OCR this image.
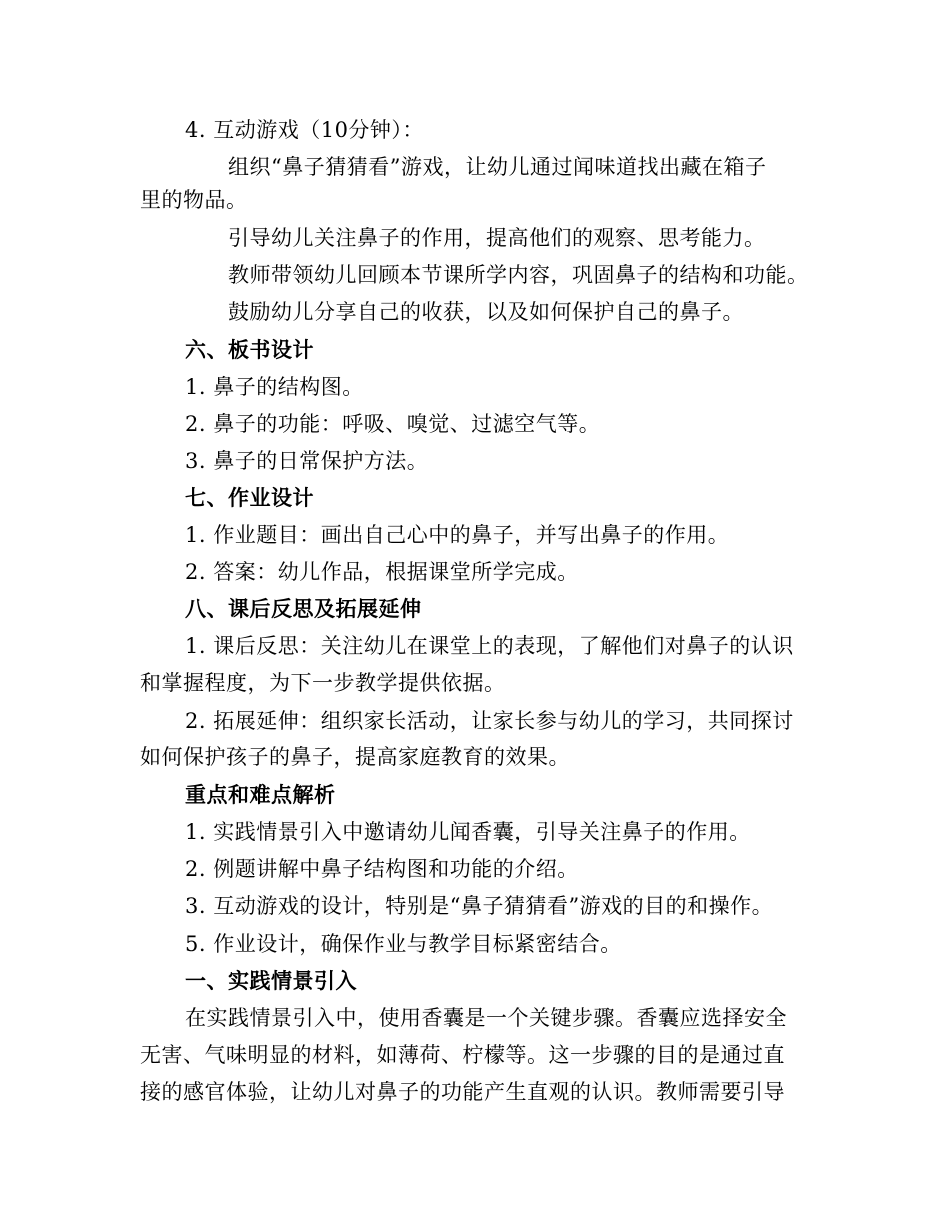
4. 互动游戏（10分钟）：
组织“鼻子猜猜看”游戏，让幼儿通过闻味道找出藏在箱子
里的物品。
引导幼儿关注鼻子的作用，提高他们的观察、思考能力。
教师带领幼儿回顾本节课所学内容，巩固鼻子的结构和功能。
鼓励幼儿分享自己的收获，以及如何保护自己的鼻子。
六、板书设计
1. 鼻子的结构图。
2. 鼻子的功能：呼吸、嗅觉、过滤空气等。
3. 鼻子的日常保护方法。
七、作业设计
1. 作业题目：画出自己心中的鼻子，并写出鼻子的作用。
2. 答案：幼儿作品，根据课堂所学完成。
八、课后反思及拓展延伸
1. 课后反思：关注幼儿在课堂上的表现，了解他们对鼻子的认识
和掌握程度，为下一步教学提供依据。
2. 拓展延伸：组织家长活动，让家长参与幼儿的学习，共同探讨
如何保护孩子的鼻子，提高家庭教育的效果。
重点和难点解析
1. 实践情景引入中邀请幼儿闻香囊，引导关注鼻子的作用。
2. 例题讲解中鼻子结构图和功能的介绍。
3. 互动游戏的设计，特别是“鼻子猜猜看”游戏的目的和操作。
5. 作业设计，确保作业与教学目标紧密结合。
一、实践情景引入
在实践情景引入中，使用香囊是一个关键步骤。香囊应选择安全
无害、气味明显的材料，如薄荷、柠檬等。这一步骤的目的是通过直
接的感官体验，让幼儿对鼻子的功能产生直观的认识。教师需要引导
